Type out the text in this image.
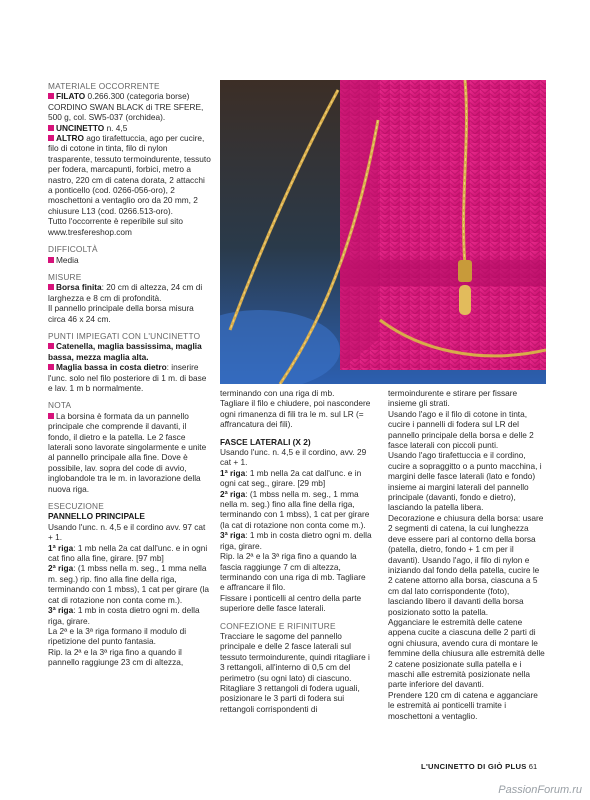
MATERIALE OCCORRENTE

FILATO 0.266.300 (categoria borse) CORDINO SWAN BLACK di TRE SFERE, 500 g, col. SW5-037 (orchidea).

UNCINETTO n. 4,5

ALTRO ago tirafettuccia, ago per cucire, filo di cotone in tinta, filo di nylon trasparente, tessuto termoindurente, tessuto per fodera, marcapunti, forbici, metro a nastro, 220 cm di catena dorata, 2 attacchi a ponticello (cod. 0266-056-oro), 2 moschettoni a ventaglio oro da 20 mm, 2 chiusure L13 (cod. 0266.513-oro).

Tutto l'occorrente è reperibile sul sito www.tresfereshop.com

DIFFICOLTÀ

Media

MISURE

Borsa finita: 20 cm di altezza, 24 cm di larghezza e 8 cm di profondità.

Il pannello principale della borsa misura circa 46 x 24 cm.

PUNTI IMPIEGATI CON L'UNCINETTO

Catenella, maglia bassissima, maglia bassa, mezza maglia alta.

Maglia bassa in costa dietro: inserire l'unc. solo nel filo posteriore di 1 m. di base e lav. 1 m b normalmente.

NOTA

La borsina è formata da un pannello principale che comprende il davanti, il fondo, il dietro e la patella. Le 2 fasce laterali sono lavorate singolarmente e unite al pannello principale alla fine. Dove è possibile, lav. sopra del code di avvio, inglobandole tra le m. in lavorazione della nuova riga.

ESECUZIONE

PANNELLO PRINCIPALE

Usando l'unc. n. 4,5 e il cordino avv. 97 cat + 1.

1ª riga: 1 mb nella 2a cat dall'unc. e in ogni cat fino alla fine, girare. [97 mb]

2ª riga: (1 mbss nella m. seg., 1 mma nella m. seg.) rip. fino alla fine della riga, terminando con 1 mbss), 1 cat per girare (la cat di rotazione non conta come m.).

3ª riga: 1 mb in costa dietro ogni m. della riga, girare.

La 2ª e la 3ª riga formano il modulo di ripetizione del punto fantasia.

Rip. la 2ª e la 3ª riga fino a quando il pannello raggiunge 23 cm di altezza,

terminando con una riga di mb.

Tagliare il filo e chiudere, poi nascondere ogni rimanenza di fili tra le m. sul LR (= affrancatura dei fili).

FASCE LATERALI (X 2)

Usando l'unc. n. 4,5 e il cordino, avv. 29 cat + 1.

1ª riga: 1 mb nella 2a cat dall'unc. e in ogni cat seg., girare. [29 mb]

2ª riga: (1 mbss nella m. seg., 1 mma nella m. seg.) fino alla fine della riga, terminando con 1 mbss), 1 cat per girare (la cat di rotazione non conta come m.).

3ª riga: 1 mb in costa dietro ogni m. della riga, girare.

Rip. la 2ª e la 3ª riga fino a quando la fascia raggiunge 7 cm di altezza, terminando con una riga di mb. Tagliare e affrancare il filo.

Fissare i ponticelli al centro della parte superiore delle fasce laterali.

CONFEZIONE E RIFINITURE

Tracciare le sagome del pannello principale e delle 2 fasce laterali sul tessuto termoindurente, quindi ritagliare i 3 rettangoli, all'interno di 0,5 cm del perimetro (su ogni lato) di ciascuno. Ritagliare 3 rettangoli di fodera uguali, posizionare le 3 parti di fodera sui rettangoli corrispondenti di

termoindurente e stirare per fissare insieme gli strati.

Usando l'ago e il filo di cotone in tinta, cucire i pannelli di fodera sul LR del pannello principale della borsa e delle 2 fasce laterali con piccoli punti.

Usando l'ago tirafettuccia e il cordino, cucire a sopraggitto o a punto macchina, i margini delle fasce laterali (lato e fondo) insieme ai margini laterali del pannello principale (davanti, fondo e dietro), lasciando la patella libera.

Decorazione e chiusura della borsa: usare 2 segmenti di catena, la cui lunghezza deve essere pari al contorno della borsa (patella, dietro, fondo + 1 cm per il davanti). Usando l'ago, il filo di nylon e iniziando dal fondo della patella, cucire le 2 catene attorno alla borsa, ciascuna a 5 cm dal lato corrispondente (foto), lasciando libero il davanti della borsa posizionato sotto la patella.

Agganciare le estremità delle catene appena cucite a ciascuna delle 2 parti di ogni chiusura, avendo cura di montare le femmine della chiusura alle estremità delle 2 catene posizionate sulla patella e i maschi alle estremità posizionate nella parte inferiore del davanti.

Prendere 120 cm di catena e agganciare le estremità ai ponticelli tramite i moschettoni a ventaglio.

L'UNCINETTO DI GIÒ PLUS 61
PassionForum.ru
